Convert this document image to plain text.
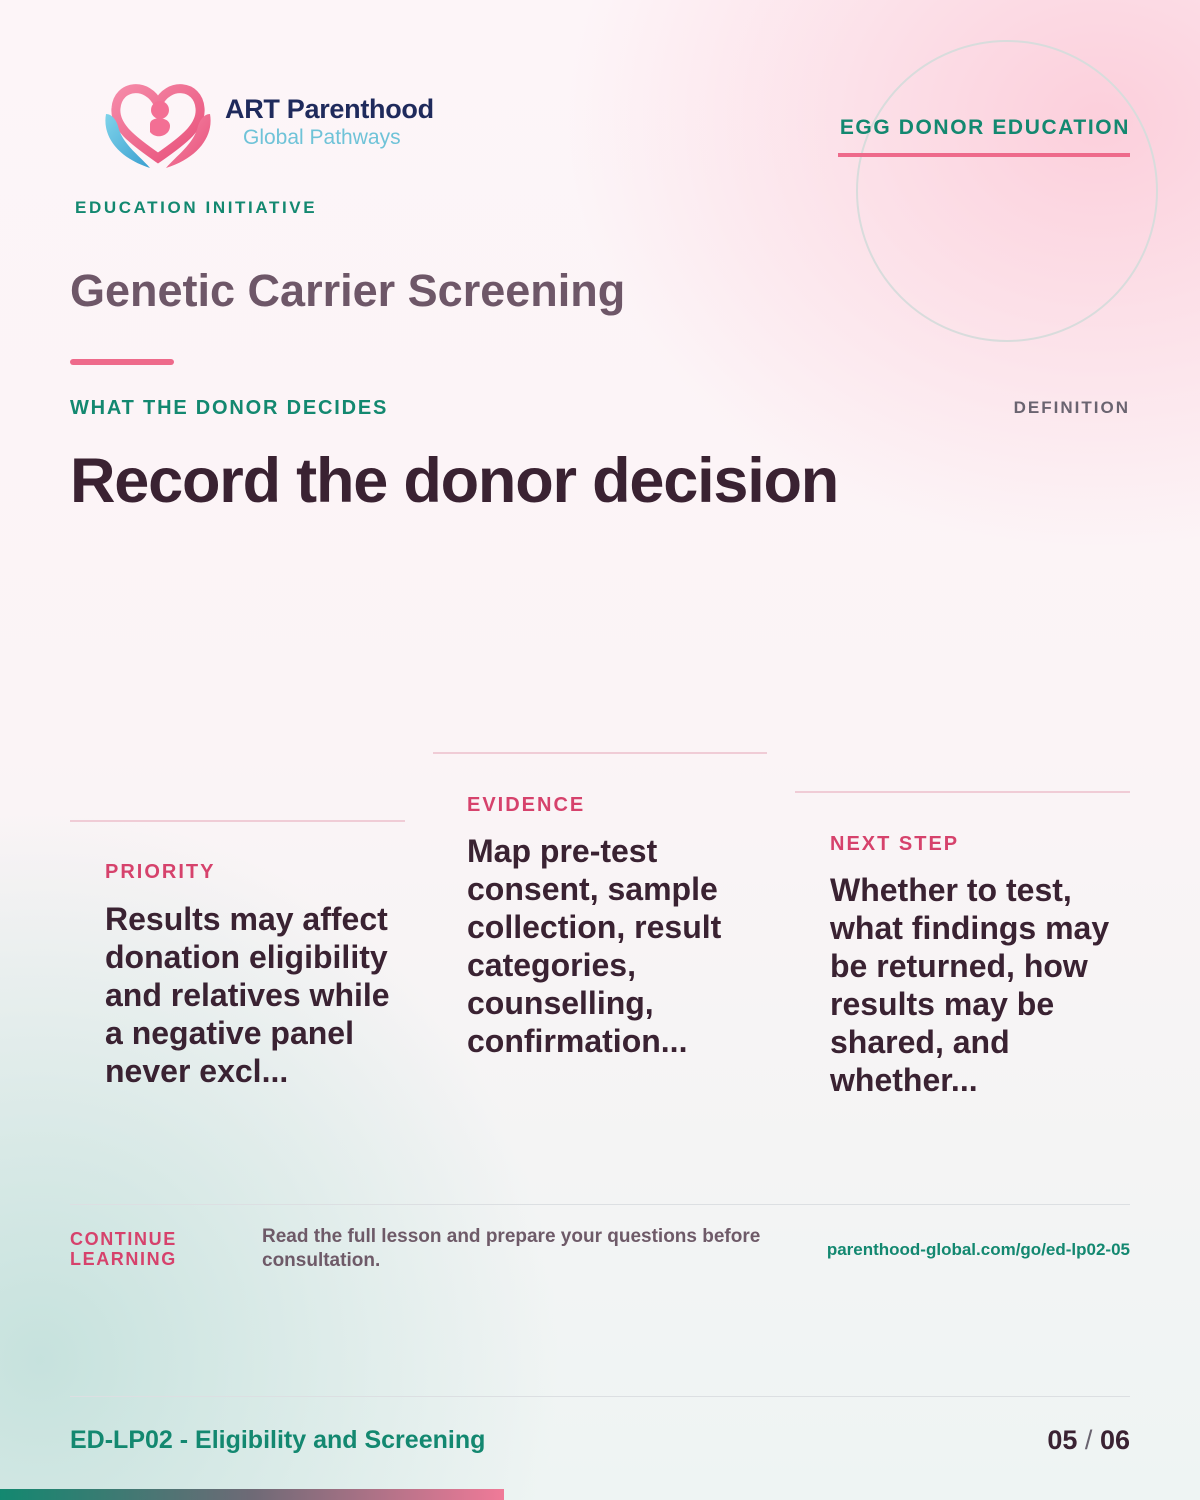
ART Parenthood
Global Pathways
EDUCATION INITIATIVE
EGG DONOR EDUCATION
Genetic Carrier Screening
WHAT THE DONOR DECIDES	DEFINITION
Record the donor decision
PRIORITY
Results may affect donation eligibility and relatives while a negative panel never excl...
EVIDENCE
Map pre-test consent, sample collection, result categories, counselling, confirmation...
NEXT STEP
Whether to test, what findings may be returned, how results may be shared, and whether...
CONTINUE
LEARNING
Read the full lesson and prepare your questions before consultation.
parenthood-global.com/go/ed-lp02-05
ED-LP02 - Eligibility and Screening	05 / 06
